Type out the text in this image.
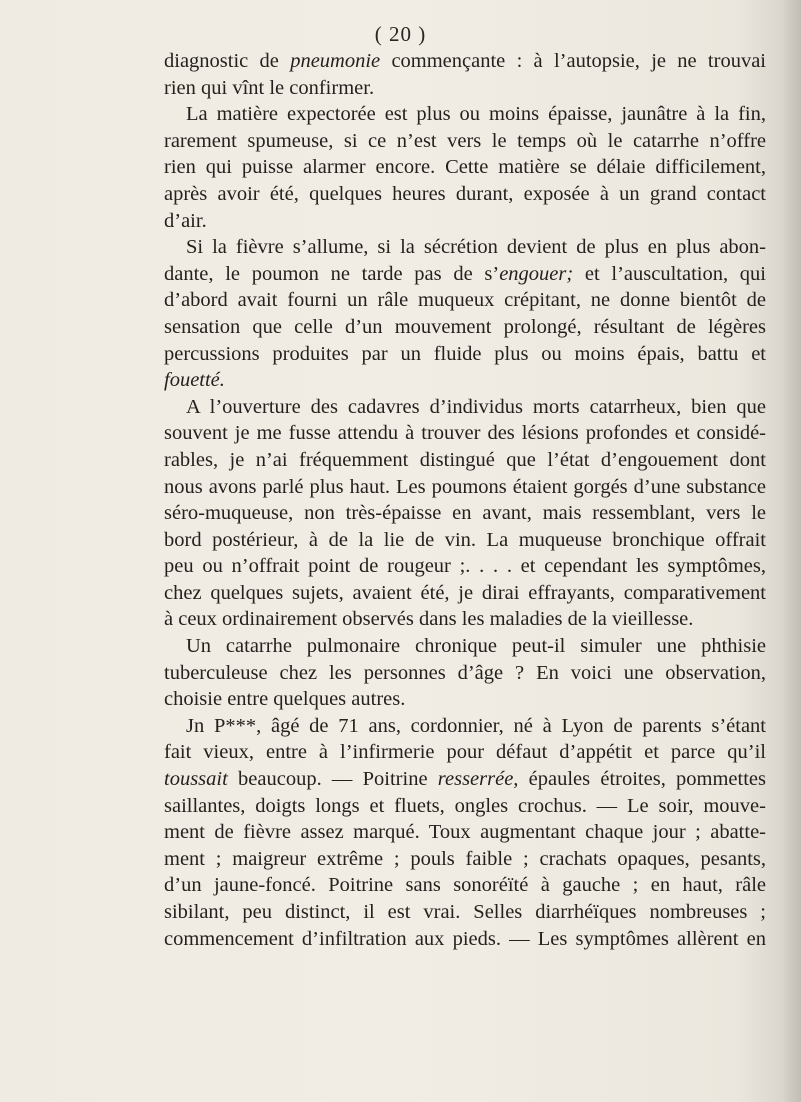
( 20 )
diagnostic de pneumonie commençante : à l’autopsie, je ne trouvai
rien qui vînt le confirmer.
La matière expectorée est plus ou moins épaisse, jaunâtre à la fin,
rarement spumeuse, si ce n’est vers le temps où le catarrhe n’offre
rien qui puisse alarmer encore. Cette matière se délaie difficilement,
après avoir été, quelques heures durant, exposée à un grand contact
d’air.
Si la fièvre s’allume, si la sécrétion devient de plus en plus abon-
dante, le poumon ne tarde pas de s’engouer; et l’auscultation, qui
d’abord avait fourni un râle muqueux crépitant, ne donne bientôt de
sensation que celle d’un mouvement prolongé, résultant de légères
percussions produites par un fluide plus ou moins épais, battu et
fouetté.
A l’ouverture des cadavres d’individus morts catarrheux, bien que
souvent je me fusse attendu à trouver des lésions profondes et considé-
rables, je n’ai fréquemment distingué que l’état d’engouement dont
nous avons parlé plus haut. Les poumons étaient gorgés d’une substance
séro-muqueuse, non très-épaisse en avant, mais ressemblant, vers le
bord postérieur, à de la lie de vin. La muqueuse bronchique offrait
peu ou n’offrait point de rougeur ;. . . . et cependant les symptômes,
chez quelques sujets, avaient été, je dirai effrayants, comparativement
à ceux ordinairement observés dans les maladies de la vieillesse.
Un catarrhe pulmonaire chronique peut-il simuler une phthisie
tuberculeuse chez les personnes d’âge ? En voici une observation,
choisie entre quelques autres.
Jn P***, âgé de 71 ans, cordonnier, né à Lyon de parents s’étant
fait vieux, entre à l’infirmerie pour défaut d’appétit et parce qu’il
toussait beaucoup. — Poitrine resserrée, épaules étroites, pommettes
saillantes, doigts longs et fluets, ongles crochus. — Le soir, mouve-
ment de fièvre assez marqué. Toux augmentant chaque jour ; abatte-
ment ; maigreur extrême ; pouls faible ; crachats opaques, pesants,
d’un jaune-foncé. Poitrine sans sonoréïté à gauche ; en haut, râle
sibilant, peu distinct, il est vrai. Selles diarrhéïques nombreuses ;
commencement d’infiltration aux pieds. — Les symptômes allèrent en
